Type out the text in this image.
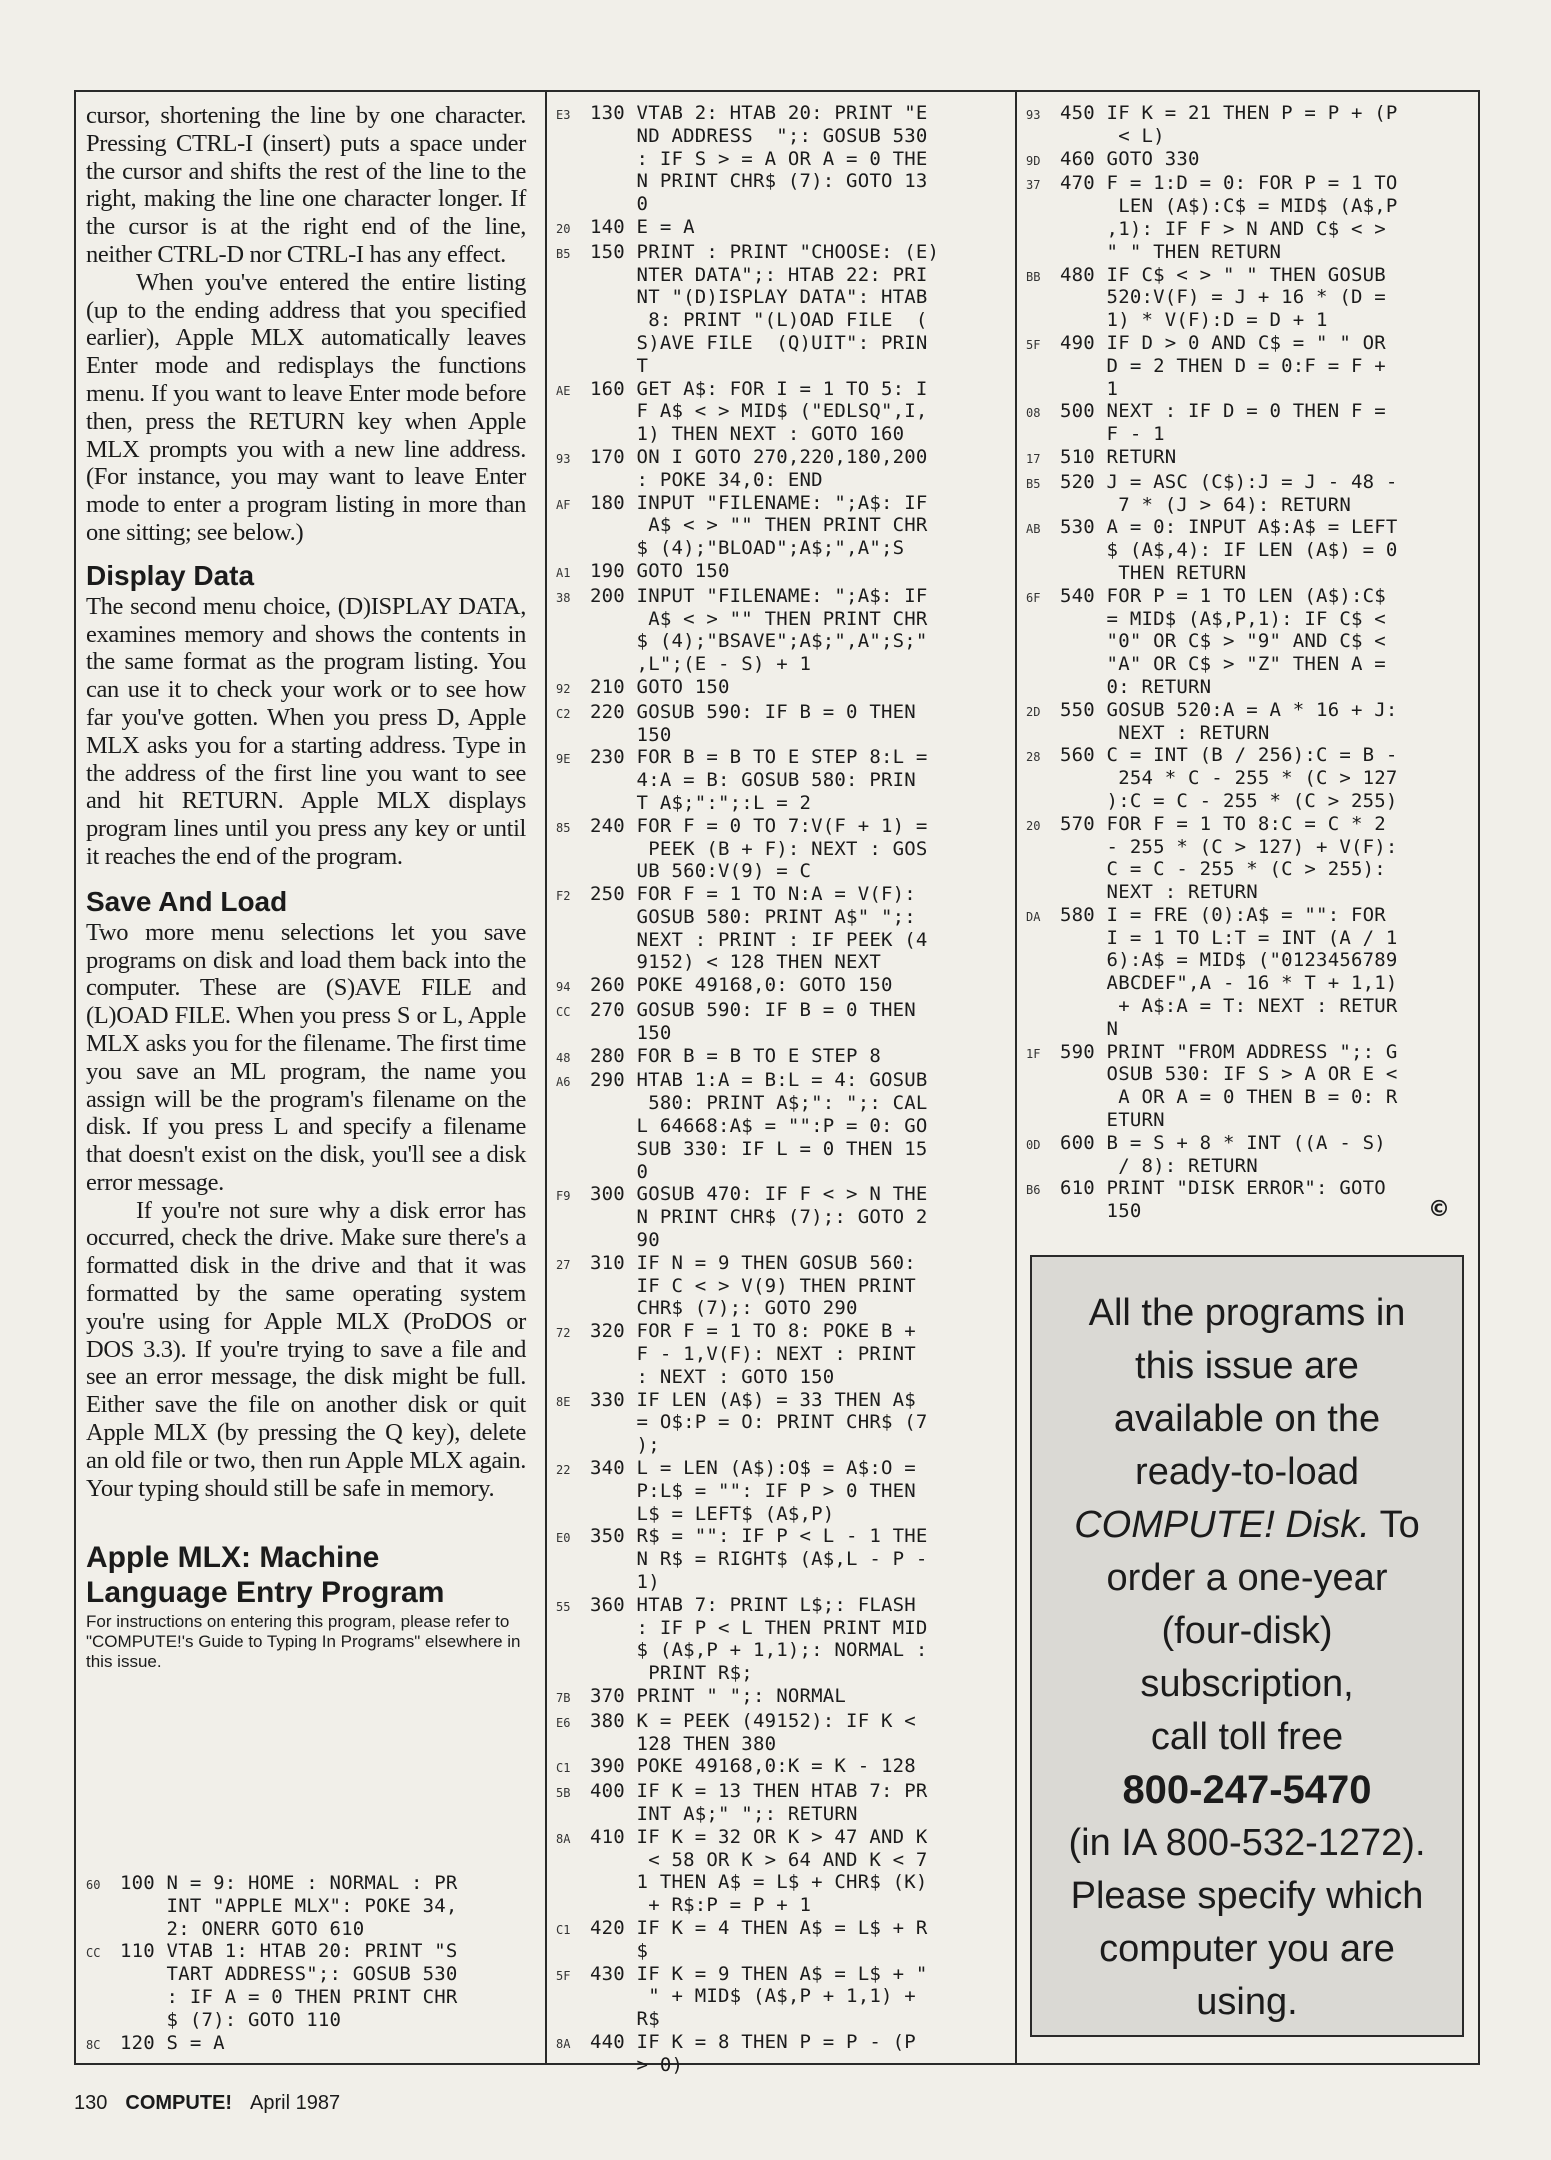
cursor, shortening the line by one character. Pressing CTRL-I (insert) puts a space under the cursor and shifts the rest of the line to the right, making the line one character longer. If the cursor is at the right end of the line, neither CTRL-D nor CTRL-I has any effect.

When you've entered the entire listing (up to the ending address that you specified earlier), Apple MLX automatically leaves Enter mode and redisplays the functions menu. If you want to leave Enter mode before then, press the RETURN key when Apple MLX prompts you with a new line address. (For instance, you may want to leave Enter mode to enter a program listing in more than one sitting; see below.)

Display Data

The second menu choice, (D)ISPLAY DATA, examines memory and shows the contents in the same format as the program listing. You can use it to check your work or to see how far you've gotten. When you press D, Apple MLX asks you for a starting address. Type in the address of the first line you want to see and hit RETURN. Apple MLX displays program lines until you press any key or until it reaches the end of the program.

Save And Load

Two more menu selections let you save programs on disk and load them back into the computer. These are (S)AVE FILE and (L)OAD FILE. When you press S or L, Apple MLX asks you for the filename. The first time you save an ML program, the name you assign will be the program's filename on the disk. If you press L and specify a filename that doesn't exist on the disk, you'll see a disk error message.

If you're not sure why a disk error has occurred, check the drive. Make sure there's a formatted disk in the drive and that it was formatted by the same operating system you're using for Apple MLX (ProDOS or DOS 3.3). If you're trying to save a file and see an error message, the disk might be full. Either save the file on another disk or quit Apple MLX (by pressing the Q key), delete an old file or two, then run Apple MLX again. Your typing should still be safe in memory.

Apple MLX: Machine
Language Entry Program
For instructions on entering this program, please refer to "COMPUTE!'s Guide to Typing In Programs" elsewhere in this issue.
60	100 N = 9: HOME : NORMAL : PR
INT "APPLE MLX": POKE 34,
2: ONERR GOTO 610
CC	110 VTAB 1: HTAB 20: PRINT "S
TART ADDRESS";: GOSUB 530
: IF A = 0 THEN PRINT CHR
$ (7): GOTO 110
8C	120 S = A
E3	130 VTAB 2: HTAB 20: PRINT "E
ND ADDRESS  ";: GOSUB 530
: IF S > = A OR A = 0 THE
N PRINT CHR$ (7): GOTO 13
0
20	140 E = A
B5	150 PRINT : PRINT "CHOOSE: (E)
NTER DATA";: HTAB 22: PRI
NT "(D)ISPLAY DATA": HTAB
8: PRINT "(L)OAD FILE  (
S)AVE FILE  (Q)UIT": PRIN
T
AE	160 GET A$: FOR I = 1 TO 5: I
F A$ < > MID$ ("EDLSQ",I,
1) THEN NEXT : GOTO 160
93	170 ON I GOTO 270,220,180,200
: POKE 34,0: END
AF	180 INPUT "FILENAME: ";A$: IF
A$ < > "" THEN PRINT CHR
$ (4);"BLOAD";A$;",A";S
A1	190 GOTO 150
38	200 INPUT "FILENAME: ";A$: IF
A$ < > "" THEN PRINT CHR
$ (4);"BSAVE";A$;",A";S;"
,L";(E - S) + 1
92	210 GOTO 150
C2	220 GOSUB 590: IF B = 0 THEN
150
9E	230 FOR B = B TO E STEP 8:L =
4:A = B: GOSUB 580: PRIN
T A$;":";:L = 2
85	240 FOR F = 0 TO 7:V(F + 1) =
PEEK (B + F): NEXT : GOS
UB 560:V(9) = C
F2	250 FOR F = 1 TO N:A = V(F):
GOSUB 580: PRINT A$" ";:
NEXT : PRINT : IF PEEK (4
9152) < 128 THEN NEXT
94	260 POKE 49168,0: GOTO 150
CC	270 GOSUB 590: IF B = 0 THEN
150
48	280 FOR B = B TO E STEP 8
A6	290 HTAB 1:A = B:L = 4: GOSUB
580: PRINT A$;": ";: CAL
L 64668:A$ = "":P = 0: GO
SUB 330: IF L = 0 THEN 15
0
F9	300 GOSUB 470: IF F < > N THE
N PRINT CHR$ (7);: GOTO 2
90
27	310 IF N = 9 THEN GOSUB 560:
IF C < > V(9) THEN PRINT
CHR$ (7);: GOTO 290
72	320 FOR F = 1 TO 8: POKE B +
F - 1,V(F): NEXT : PRINT
: NEXT : GOTO 150
8E	330 IF LEN (A$) = 33 THEN A$
= O$:P = O: PRINT CHR$ (7
);
22	340 L = LEN (A$):O$ = A$:O =
P:L$ = "": IF P > 0 THEN
L$ = LEFT$ (A$,P)
E0	350 R$ = "": IF P < L - 1 THE
N R$ = RIGHT$ (A$,L - P -
1)
55	360 HTAB 7: PRINT L$;: FLASH
: IF P < L THEN PRINT MID
$ (A$,P + 1,1);: NORMAL :
PRINT R$;
7B	370 PRINT " ";: NORMAL
E6	380 K = PEEK (49152): IF K <
128 THEN 380
C1	390 POKE 49168,0:K = K - 128
5B	400 IF K = 13 THEN HTAB 7: PR
INT A$;" ";: RETURN
8A	410 IF K = 32 OR K > 47 AND K
< 58 OR K > 64 AND K < 7
1 THEN A$ = L$ + CHR$ (K)
+ R$:P = P + 1
C1	420 IF K = 4 THEN A$ = L$ + R
$
5F	430 IF K = 9 THEN A$ = L$ + "
" + MID$ (A$,P + 1,1) +
R$
8A	440 IF K = 8 THEN P = P - (P
> 0)
93	450 IF K = 21 THEN P = P + (P
< L)
9D	460 GOTO 330
37	470 F = 1:D = 0: FOR P = 1 TO
LEN (A$):C$ = MID$ (A$,P
,1): IF F > N AND C$ < >
" " THEN RETURN
BB	480 IF C$ < > " " THEN GOSUB
520:V(F) = J + 16 * (D =
1) * V(F):D = D + 1
5F	490 IF D > 0 AND C$ = " " OR
D = 2 THEN D = 0:F = F +
1
08	500 NEXT : IF D = 0 THEN F =
F - 1
17	510 RETURN
B5	520 J = ASC (C$):J = J - 48 -
7 * (J > 64): RETURN
AB	530 A = 0: INPUT A$:A$ = LEFT
$ (A$,4): IF LEN (A$) = 0
THEN RETURN
6F	540 FOR P = 1 TO LEN (A$):C$
= MID$ (A$,P,1): IF C$ <
"0" OR C$ > "9" AND C$ <
"A" OR C$ > "Z" THEN A =
0: RETURN
2D	550 GOSUB 520:A = A * 16 + J:
NEXT : RETURN
28	560 C = INT (B / 256):C = B -
254 * C - 255 * (C > 127
):C = C - 255 * (C > 255)
20	570 FOR F = 1 TO 8:C = C * 2
- 255 * (C > 127) + V(F):
C = C - 255 * (C > 255):
NEXT : RETURN
DA	580 I = FRE (0):A$ = "": FOR
I = 1 TO L:T = INT (A / 1
6):A$ = MID$ ("0123456789
ABCDEF",A - 16 * T + 1,1)
+ A$:A = T: NEXT : RETUR
N
1F	590 PRINT "FROM ADDRESS ";: G
OSUB 530: IF S > A OR E <
A OR A = 0 THEN B = 0: R
ETURN
0D	600 B = S + 8 * INT ((A - S)
/ 8): RETURN
B6	610 PRINT "DISK ERROR": GOTO
150	©

All the programs in

this issue are

available on the

ready-to-load

COMPUTE! Disk. To

order a one-year

(four-disk)

subscription,

call toll free

800-247-5470

(in IA 800-532-1272).

Please specify which

computer you are

using.

130 COMPUTE! April 1987
